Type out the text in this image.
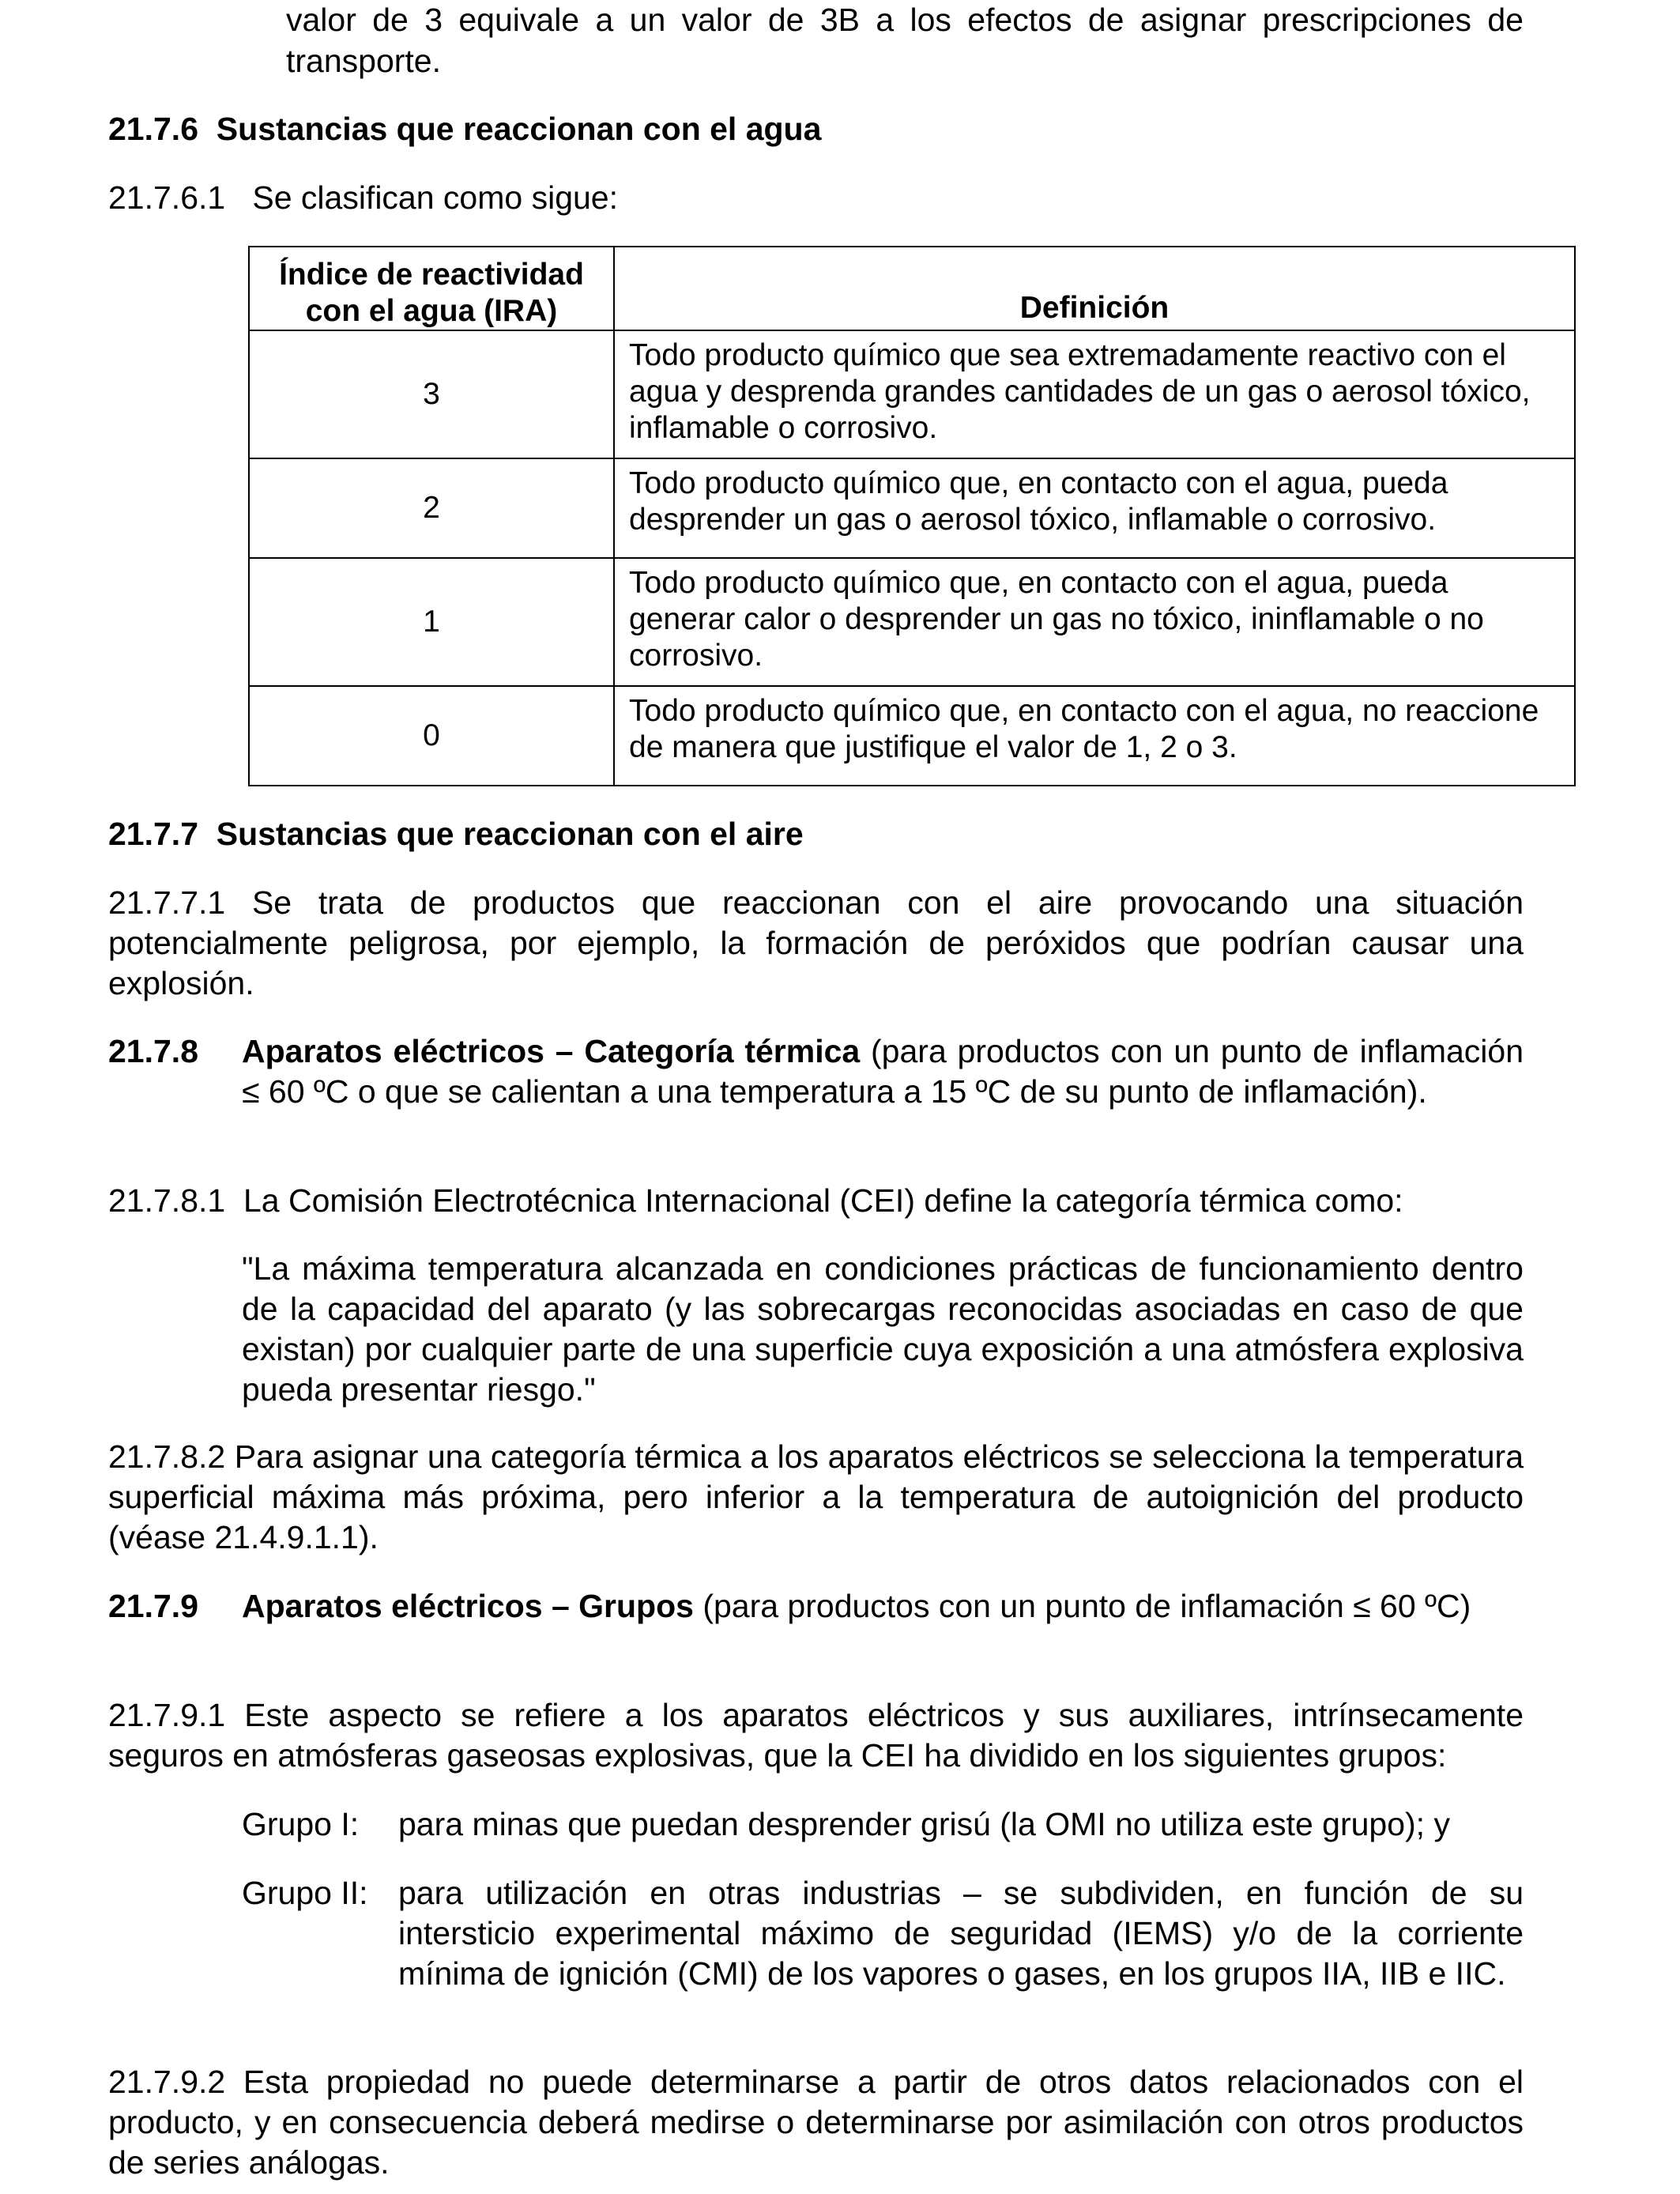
valor de 3 equivale a un valor de 3B a los efectos de asignar prescripciones de
transporte.
21.7.6 Sustancias que reaccionan con el agua
21.7.6.1 Se clasifican como sigue:
Índice de reactividad
con el agua (IRA)	Definición
3	Todo producto químico que sea extremadamente reactivo con el agua y desprenda grandes cantidades de un gas o aerosol tóxico, inflamable o corrosivo.
2	Todo producto químico que, en contacto con el agua, pueda desprender un gas o aerosol tóxico, inflamable o corrosivo.
1	Todo producto químico que, en contacto con el agua, pueda generar calor o desprender un gas no tóxico, ininflamable o no corrosivo.
0	Todo producto químico que, en contacto con el agua, no reaccione de manera que justifique el valor de 1, 2 o 3.
21.7.7 Sustancias que reaccionan con el aire
21.7.7.1 Se trata de productos que reaccionan con el aire provocando una situación potencialmente peligrosa, por ejemplo, la formación de peróxidos que podrían causar una explosión.
21.7.8 Aparatos eléctricos – Categoría térmica (para productos con un punto de inflamación ≤ 60 ºC o que se calientan a una temperatura a 15 ºC de su punto de inflamación).
21.7.8.1 La Comisión Electrotécnica Internacional (CEI) define la categoría térmica como:
"La máxima temperatura alcanzada en condiciones prácticas de funcionamiento dentro de la capacidad del aparato (y las sobrecargas reconocidas asociadas en caso de que existan) por cualquier parte de una superficie cuya exposición a una atmósfera explosiva pueda presentar riesgo."
21.7.8.2 Para asignar una categoría térmica a los aparatos eléctricos se selecciona la temperatura superficial máxima más próxima, pero inferior a la temperatura de autoignición del producto (véase 21.4.9.1.1).
21.7.9 Aparatos eléctricos – Grupos (para productos con un punto de inflamación ≤ 60 ºC)
21.7.9.1 Este aspecto se refiere a los aparatos eléctricos y sus auxiliares, intrínsecamente seguros en atmósferas gaseosas explosivas, que la CEI ha dividido en los siguientes grupos:
Grupo I: para minas que puedan desprender grisú (la OMI no utiliza este grupo); y
Grupo II: para utilización en otras industrias – se subdividen, en función de su intersticio experimental máximo de seguridad (IEMS) y/o de la corriente mínima de ignición (CMI) de los vapores o gases, en los grupos IIA, IIB e IIC.
21.7.9.2 Esta propiedad no puede determinarse a partir de otros datos relacionados con el producto, y en consecuencia deberá medirse o determinarse por asimilación con otros productos de series análogas.
